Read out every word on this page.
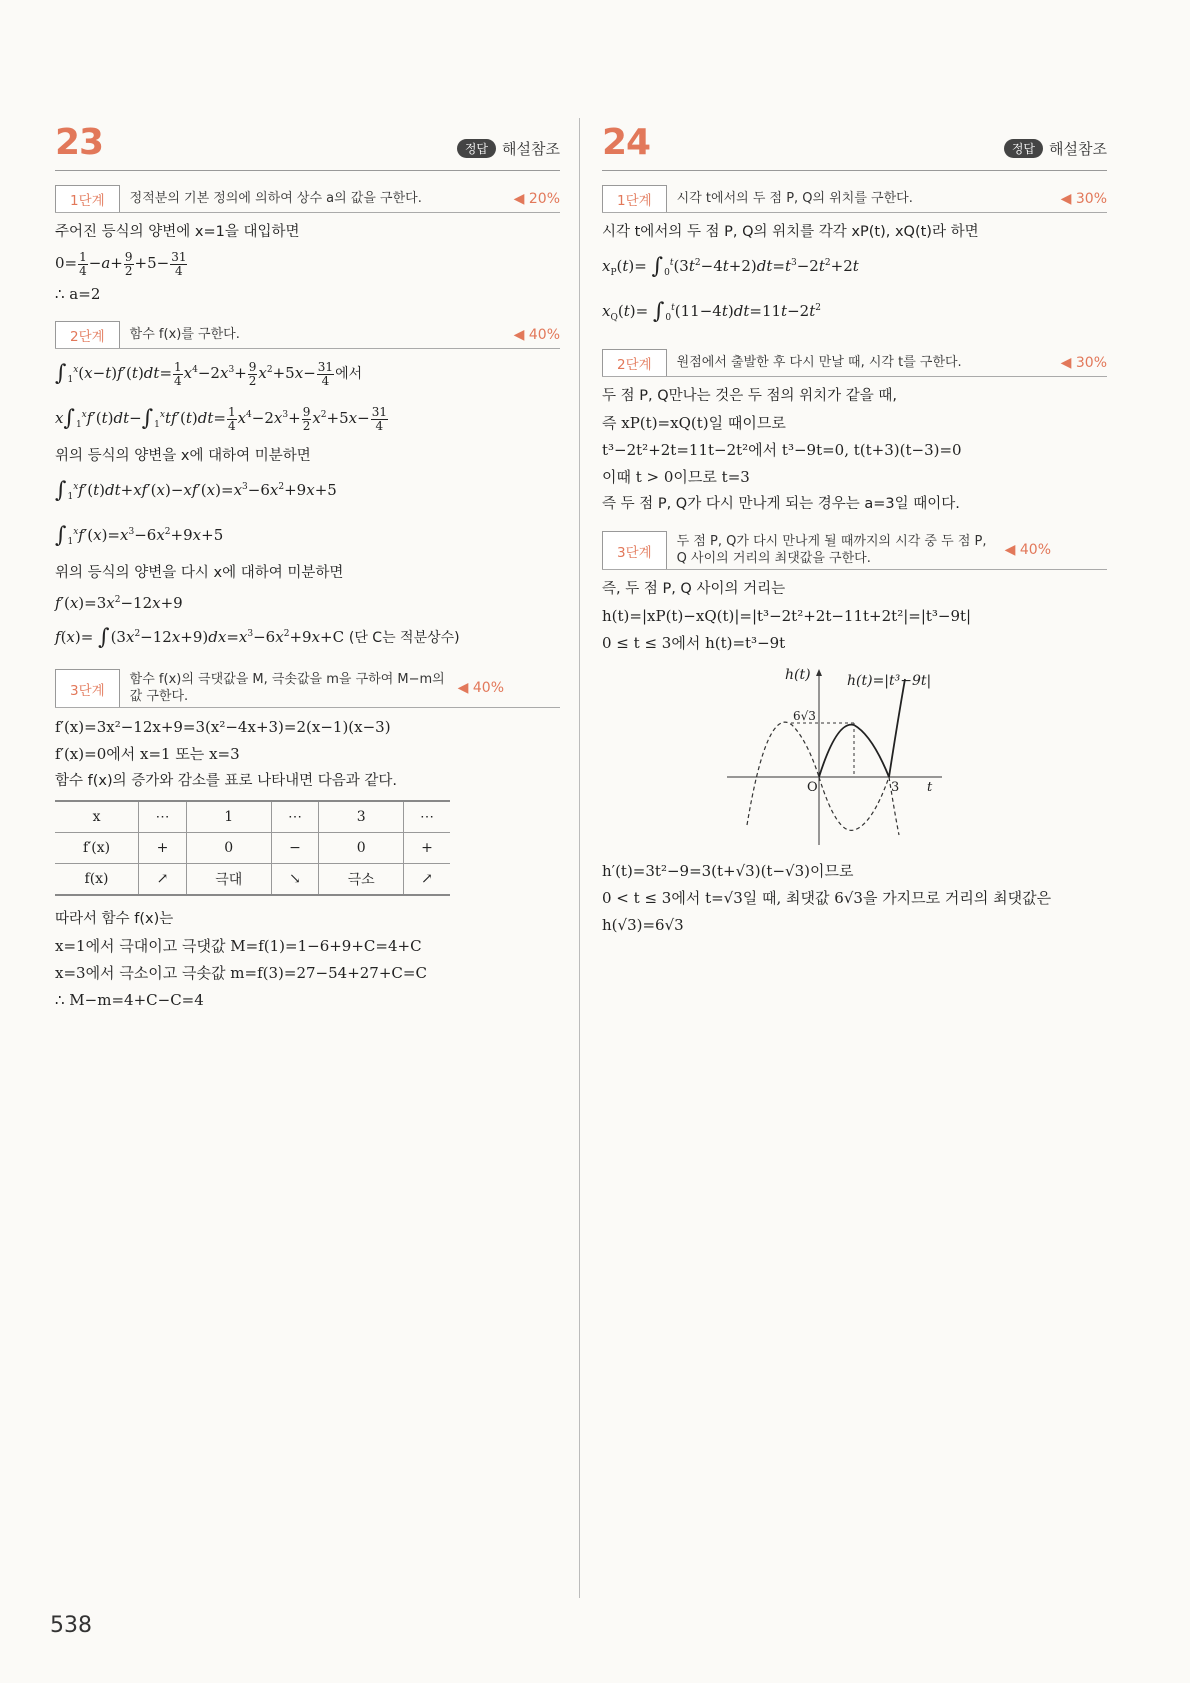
23	정답 해설참조
1단계	정적분의 기본 정의에 의하여 상수 a의 값을 구한다.	◀ 20%
주어진 등식의 양변에 x=1을 대입하면
$0= \frac{1}{4} -a+ \frac{9}{2} +5- \frac{31}{4}$
∴ a=2
2단계	함수 f(x)를 구한다.	◀ 40%
$\int_1^x(x-t)f'(t)dt= \frac{1}{4} x^4-2x^3+ \frac{9}{2} x^2+5x- \frac{31}{4}$ 에서
$x\int_1^xf'(t)dt-\int_1^xtf'(t)dt= \frac{1}{4} x^4-2x^3+ \frac{9}{2} x^2+5x- \frac{31}{4}$
위의 등식의 양변을 x에 대하여 미분하면
$\int_1^xf'(t)dt+xf'(x)-xf'(x)=x^3-6x^2+9x+5$
$\int_1^xf'(x)=x^3-6x^2+9x+5$
위의 등식의 양변을 다시 x에 대하여 미분하면
$f'(x)=3x^2-12x+9$
$f(x)= \int(3x^2-12x+9)dx=x^3-6x^2+9x+C$ (단 C는 적분상수)
3단계
함수 f(x)의 극댓값을 M, 극솟값을 m을 구하여 M−m의 값 구한다.
◀ 40%
f′(x)=3x²−12x+9=3(x²−4x+3)=2(x−1)(x−3)
f′(x)=0에서 x=1 또는 x=3
함수 f(x)의 증가와 감소를 표로 나타내면 다음과 같다.
x	⋯	1	⋯	3	⋯
f′(x)	+	0	−	0	+
f(x)	↗	극대	↘	극소	↗
따라서 함수 f(x)는
x=1에서 극대이고 극댓값 M=f(1)=1−6+9+C=4+C
x=3에서 극소이고 극솟값 m=f(3)=27−54+27+C=C
∴ M−m=4+C−C=4
24	정답 해설참조
1단계	시각 t에서의 두 점 P, Q의 위치를 구한다.	◀ 30%
시각 t에서의 두 점 P, Q의 위치를 각각 xP(t), xQ(t)라 하면
$x_P(t)= \int_0^t(3t^2-4t+2)dt=t^3-2t^2+2t$
$x_Q(t)= \int_0^t(11-4t)dt=11t-2t^2$
2단계	원점에서 출발한 후 다시 만날 때, 시각 t를 구한다.	◀ 30%
두 점 P, Q만나는 것은 두 점의 위치가 같을 때,
즉 xP(t)=xQ(t)일 때이므로
t³−2t²+2t=11t−2t²에서 t³−9t=0, t(t+3)(t−3)=0
이때 t > 0이므로 t=3
즉 두 점 P, Q가 다시 만나게 되는 경우는 a=3일 때이다.
3단계
두 점 P, Q가 다시 만나게 될 때까지의 시각 중 두 점 P, Q 사이의 거리의 최댓값을 구한다.
◀ 40%
즉, 두 점 P, Q 사이의 거리는
h(t)=|xP(t)−xQ(t)|=|t³−2t²+2t−11t+2t²|=|t³−9t|
0 ≤ t ≤ 3에서 h(t)=t³−9t
h(t)	h(t)=|t³−9t|
6√3
O	3 t
h′(t)=3t²−9=3(t+√3)(t−√3)이므로
0 < t ≤ 3에서 t=√3일 때, 최댓값 6√3을 가지므로 거리의 최댓값은
h(√3)=6√3
538
